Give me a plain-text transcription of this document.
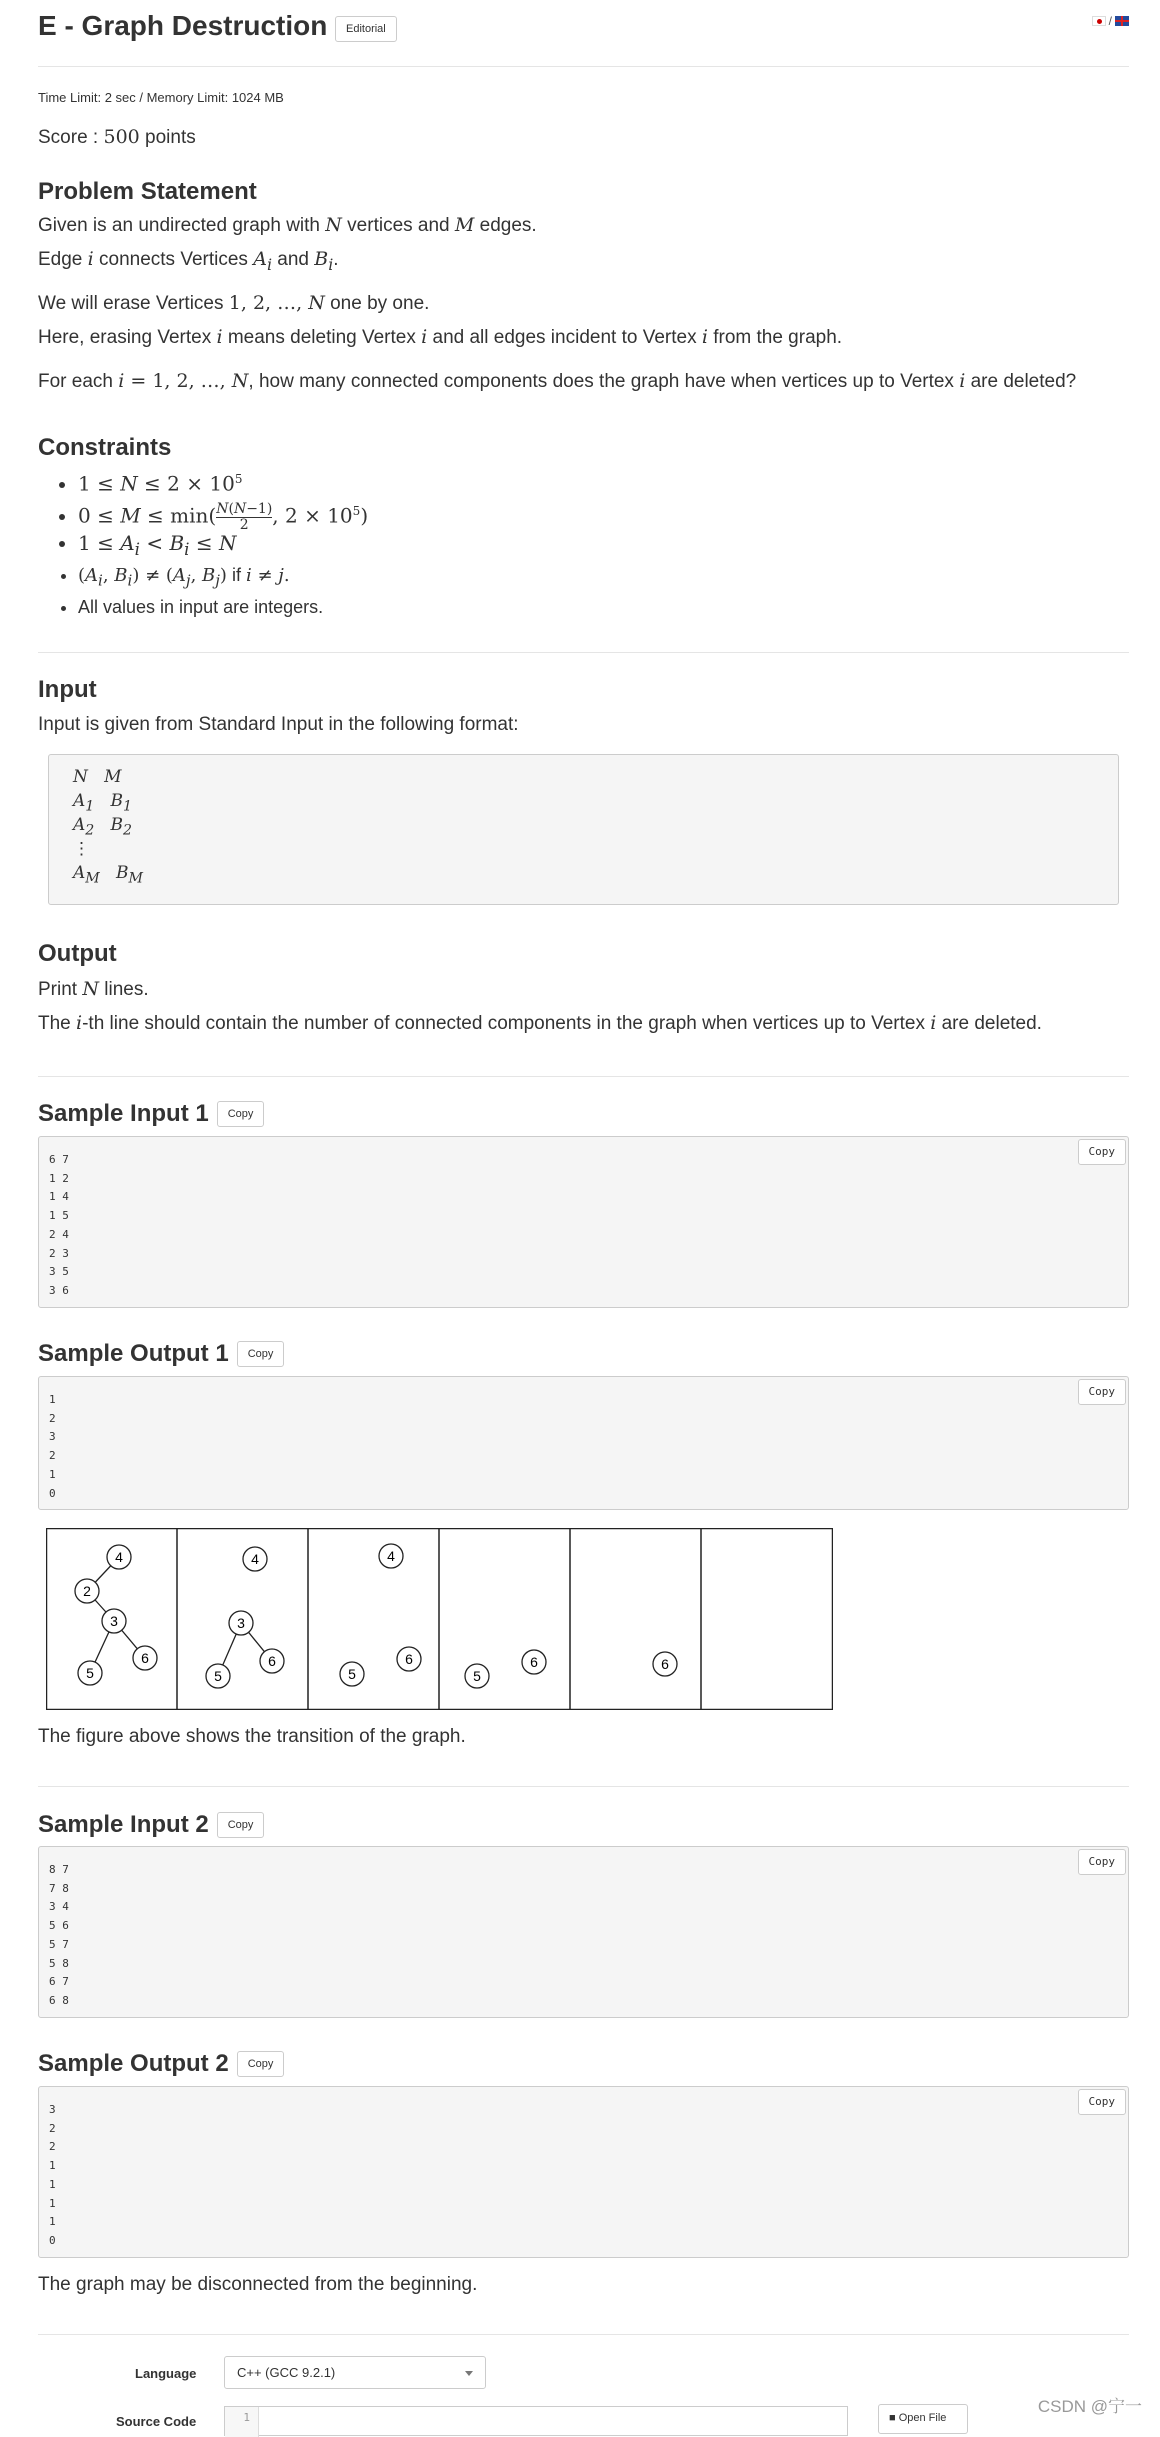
E - Graph Destruction	Editorial
/
Time Limit: 2 sec / Memory Limit: 1024 MB
Score : 500 points
Problem Statement
Given is an undirected graph with N vertices and M edges.
Edge i connects Vertices $A_i$ and $B_i$.
We will erase Vertices 1, 2, …, N one by one.
Here, erasing Vertex i means deleting Vertex i and all edges incident to Vertex i from the graph.
For each i = 1, 2, …, N, how many connected components does the graph have when vertices up to Vertex i are deleted?
Constraints
• $1 \le N \le 2 \times 10^5$
• $0 \le M \le \min( \frac{N(N-1)}{2}$ , $2 \times 10^5$)
• $1 \le A_i < B_i \le N$
• ($A_i$, $B_i) \ne (A_j$, $B_j$) if i ≠ j.
• All values in input are integers.
Input
Input is given from Standard Input in the following format:
N   M
$A_1$   $B_1$
$A_2$   $B_2$
⋮
$A_M$   $B_M$
Output
Print N lines.
The i-th line should contain the number of connected components in the graph when vertices up to Vertex i are deleted.
Sample Input 1	Copy
Copy
6 7
1 2
1 4
1 5
2 4
2 3
3 5
3 6
Sample Output 1	Copy
Copy
1
2
3
2
1
0
4
2
3
5
6
4
3
5
6
4
5
6
5
6	6
The figure above shows the transition of the graph.
Sample Input 2	Copy
Copy
8 7
7 8
3 4
5 6
5 7
5 8
6 7
6 8
Sample Output 2	Copy
Copy
3
2
2
1
1
1
1
0
The graph may be disconnected from the beginning.
Language	C++ (GCC 9.2.1)
Source Code	1	■ Open File
CSDN @宁一
